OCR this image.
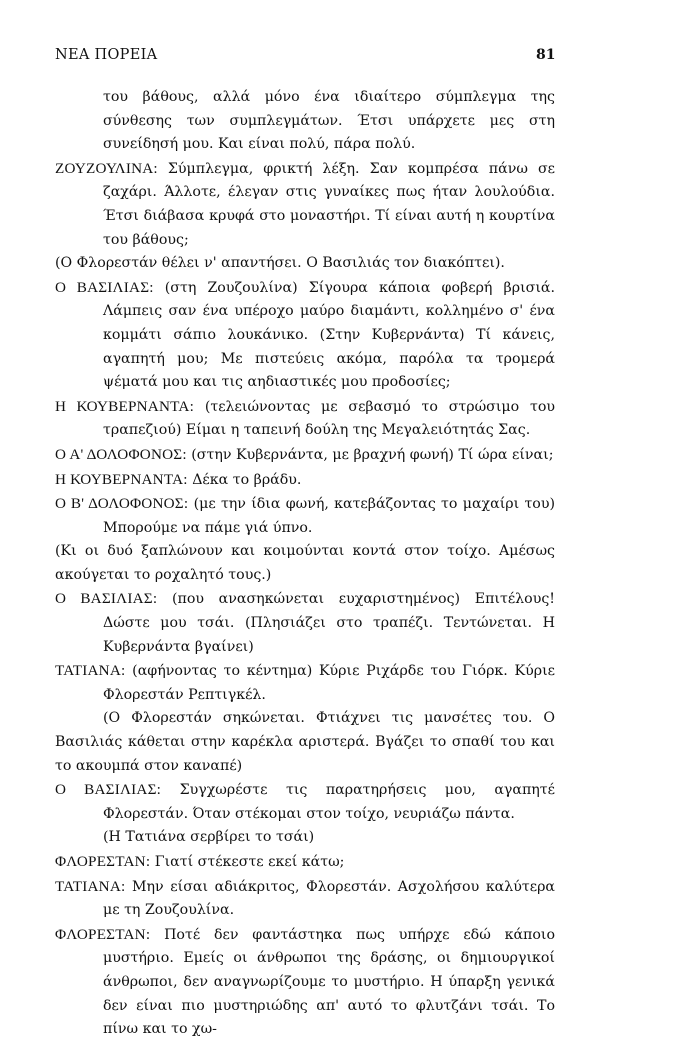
ΝΕΑ ΠΟΡΕΙΑ	81

του βάθους, αλλά μόνο ένα ιδιαίτερο σύμπλεγμα της σύνθεσης των συμπλεγμάτων. Έτσι υπάρχετε μες στη συνείδησή μου. Και είναι πολύ, πάρα πολύ.

ΖΟΥΖΟΥΛΙΝΑ: Σύμπλεγμα, φρικτή λέξη. Σαν κομπρέσα πάνω σε ζαχάρι. Άλλοτε, έλεγαν στις γυναίκες πως ήταν λουλούδια. Έτσι διάβασα κρυφά στο μοναστήρι. Τί είναι αυτή η κουρτίνα του βάθους;

(Ο Φλορεστάν θέλει ν' απαντήσει. Ο Βασιλιάς τον διακόπτει).

Ο ΒΑΣΙΛΙΑΣ: (στη Ζουζουλίνα) Σίγουρα κάποια φοβερή βρισιά. Λάμπεις σαν ένα υπέροχο μαύρο διαμάντι, κολλημένο σ' ένα κομμάτι σάπιο λουκάνικο. (Στην Κυβερνάντα) Τί κάνεις, αγαπητή μου; Με πιστεύεις ακόμα, παρόλα τα τρομερά ψέματά μου και τις αηδιαστικές μου προδοσίες;

Η ΚΟΥΒΕΡΝΑΝΤΑ: (τελειώνοντας με σεβασμό το στρώσιμο του τραπεζιού) Είμαι η ταπεινή δούλη της Μεγαλειότητάς Σας.

Ο Α' ΔΟΛΟΦΟΝΟΣ: (στην Κυβερνάντα, με βραχνή φωνή) Τί ώρα είναι;

Η ΚΟΥΒΕΡΝΑΝΤΑ: Δέκα το βράδυ.

Ο Β' ΔΟΛΟΦΟΝΟΣ: (με την ίδια φωνή, κατεβάζοντας το μαχαίρι του) Μπορούμε να πάμε γιά ύπνο.

(Κι οι δυό ξαπλώνουν και κοιμούνται κοντά στον τοίχο. Αμέσως ακούγεται το ροχαλητό τους.)

Ο ΒΑΣΙΛΙΑΣ: (που ανασηκώνεται ευχαριστημένος) Επιτέλους! Δώστε μου τσάι. (Πλησιάζει στο τραπέζι. Τεντώνεται. Η Κυβερνάντα βγαίνει)

ΤΑΤΙΑΝΑ: (αφήνοντας το κέντημα) Κύριε Ριχάρδε του Γιόρκ. Κύριε Φλορεστάν Ρεπτιγκέλ.

(Ο Φλορεστάν σηκώνεται. Φτιάχνει τις μανσέτες του. Ο Βασιλιάς κάθεται στην καρέκλα αριστερά. Βγάζει το σπαθί του και το ακουμπά στον καναπέ)

Ο ΒΑΣΙΛΙΑΣ: Συγχωρέστε τις παρατηρήσεις μου, αγαπητέ Φλορεστάν. Όταν στέκομαι στον τοίχο, νευριάζω πάντα.

(Η Τατιάνα σερβίρει το τσάι)

ΦΛΟΡΕΣΤΑΝ: Γιατί στέκεστε εκεί κάτω;

ΤΑΤΙΑΝΑ: Μην είσαι αδιάκριτος, Φλορεστάν. Ασχολήσου καλύτερα με τη Ζουζουλίνα.

ΦΛΟΡΕΣΤΑΝ: Ποτέ δεν φαντάστηκα πως υπήρχε εδώ κάποιο μυστήριο. Εμείς οι άνθρωποι της δράσης, οι δημιουργικοί άνθρωποι, δεν αναγνωρίζουμε το μυστήριο. Η ύπαρξη γενικά δεν είναι πιο μυστηριώδης απ' αυτό το φλυτζάνι τσάι. Το πίνω και το χω-
